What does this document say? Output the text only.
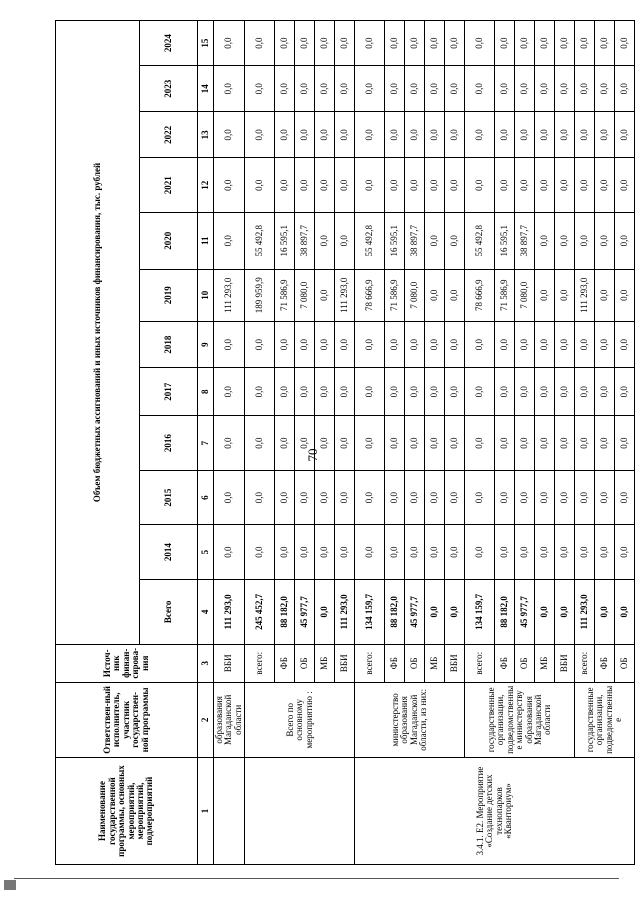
70
Наименование государственной программы, основных мероприятий, мероприятий, подмероприятий	Ответствен-ный исполнитель, участник государствен-ной программы	Источ-ник финан-сирова-ния	Объем бюджетных ассигнований и иных источников финансирования, тыс. рублей											
			Всего	2014	2015	2016	2017	2018	2019	2020	2021	2022	2023	2024
1	2	3	4	5	6	7	8	9	10	11	12	13	14	15
	образования Магаданской области	ВБИ	111 293,0	0,0	0,0	0,0	0,0	0,0	111 293,0	0,0	0,0	0,0	0,0	0,0
	Всего по основному мероприятию :	всего:	245 452,7	0,0	0,0	0,0	0,0	0,0	189 959,9	55 492,8	0,0	0,0	0,0	0,0
		ФБ	88 182,0	0,0	0,0	0,0	0,0	0,0	71 586,9	16 595,1	0,0	0,0	0,0	0,0
		ОБ	45 977,7	0,0	0,0	0,0	0,0	0,0	7 080,0	38 897,7	0,0	0,0	0,0	0,0
		МБ	0,0	0,0	0,0	0,0	0,0	0,0	0,0	0,0	0,0	0,0	0,0	0,0
		ВБИ	111 293,0	0,0	0,0	0,0	0,0	0,0	111 293,0	0,0	0,0	0,0	0,0	0,0
3.4.1. Е2. Мероприятие «Создание детских технопарков «Кванториум»	министерство образования Магаданской области, из них:	всего:	134 159,7	0,0	0,0	0,0	0,0	0,0	78 666,9	55 492,8	0,0	0,0	0,0	0,0
		ФБ	88 182,0	0,0	0,0	0,0	0,0	0,0	71 586,9	16 595,1	0,0	0,0	0,0	0,0
		ОБ	45 977,7	0,0	0,0	0,0	0,0	0,0	7 080,0	38 897,7	0,0	0,0	0,0	0,0
		МБ	0,0	0,0	0,0	0,0	0,0	0,0	0,0	0,0	0,0	0,0	0,0	0,0
		ВБИ	0,0	0,0	0,0	0,0	0,0	0,0	0,0	0,0	0,0	0,0	0,0	0,0
	государственные организации, подведомственные министерству образования Магаданской области	всего:	134 159,7	0,0	0,0	0,0	0,0	0,0	78 666,9	55 492,8	0,0	0,0	0,0	0,0
		ФБ	88 182,0	0,0	0,0	0,0	0,0	0,0	71 586,9	16 595,1	0,0	0,0	0,0	0,0
		ОБ	45 977,7	0,0	0,0	0,0	0,0	0,0	7 080,0	38 897,7	0,0	0,0	0,0	0,0
		МБ	0,0	0,0	0,0	0,0	0,0	0,0	0,0	0,0	0,0	0,0	0,0	0,0
		ВБИ	0,0	0,0	0,0	0,0	0,0	0,0	0,0	0,0	0,0	0,0	0,0	0,0
	государственные организации, подведомственные	всего:	111 293,0	0,0	0,0	0,0	0,0	0,0	111 293,0	0,0	0,0	0,0	0,0	0,0
		ФБ	0,0	0,0	0,0	0,0	0,0	0,0	0,0	0,0	0,0	0,0	0,0	0,0
		ОБ	0,0	0,0	0,0	0,0	0,0	0,0	0,0	0,0	0,0	0,0	0,0	0,0
